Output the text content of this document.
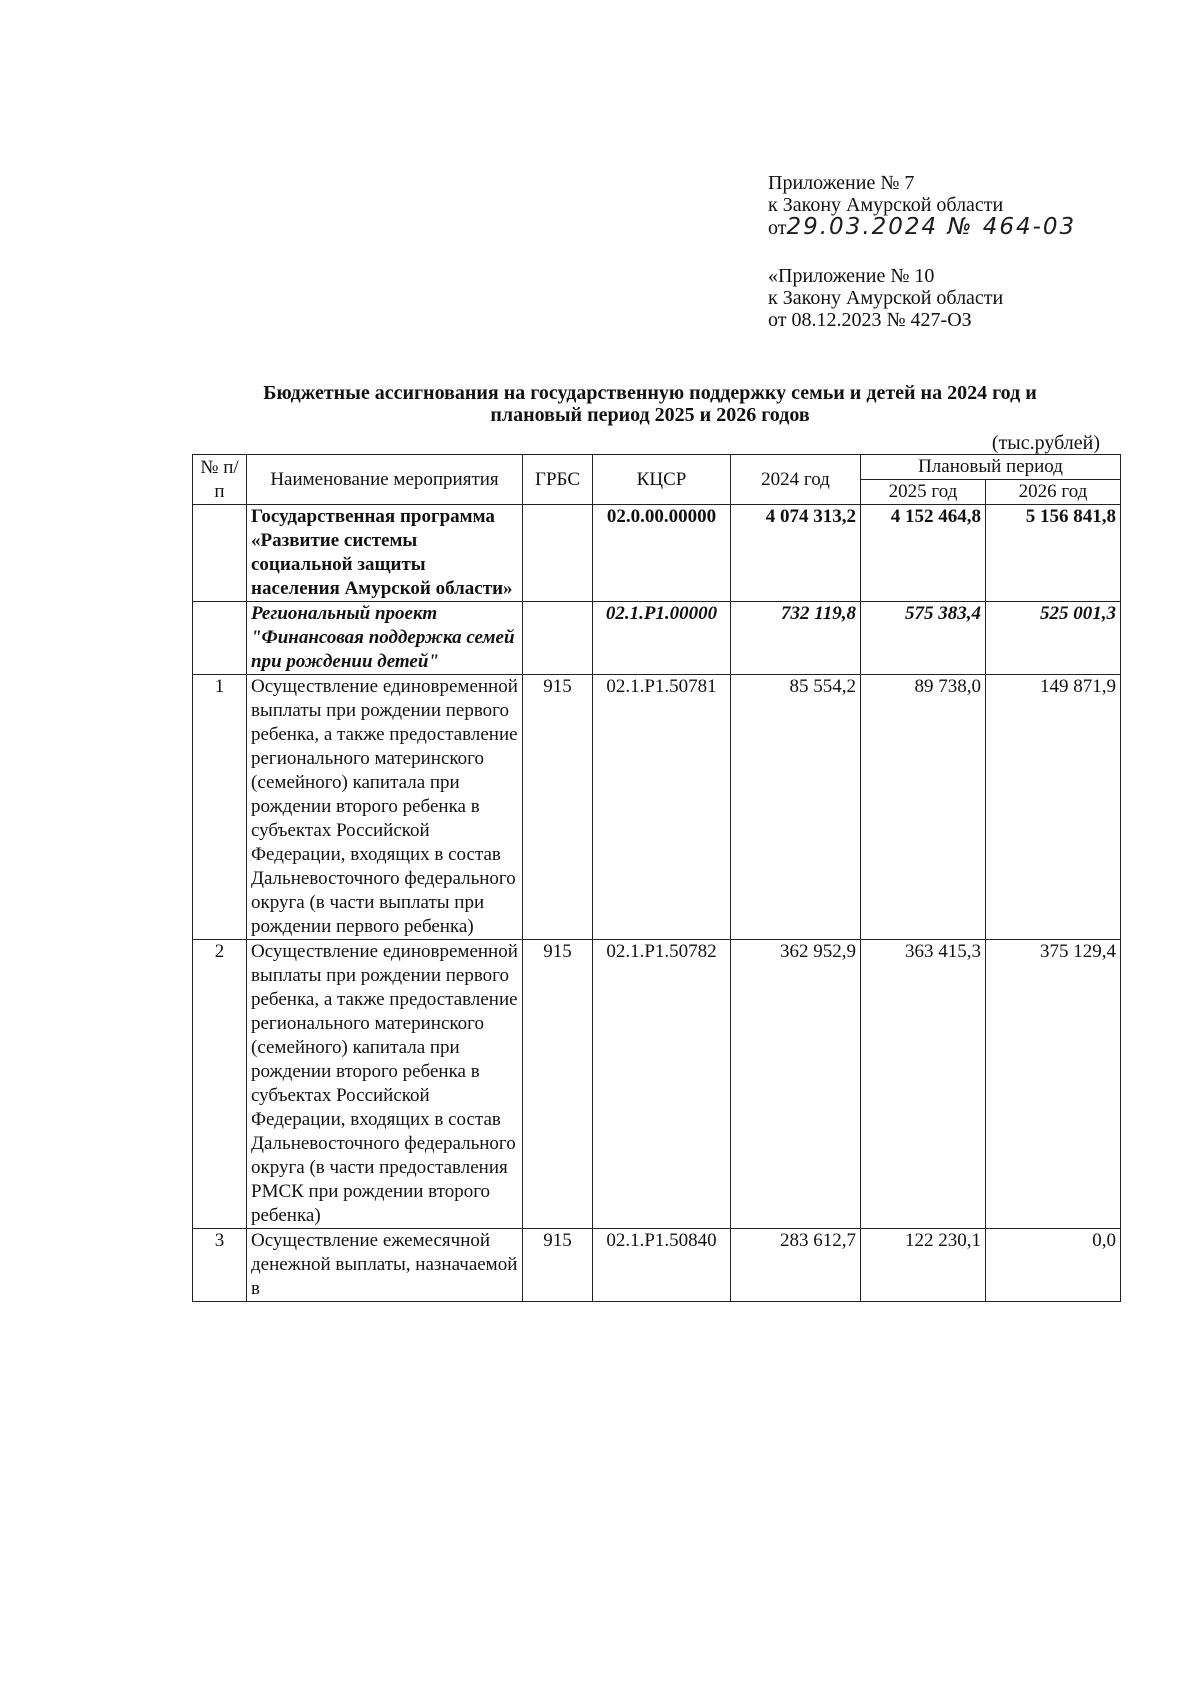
Приложение № 7
к Закону Амурской области
от29.03.2024 № 464-03
«Приложение № 10
к Закону Амурской области
от 08.12.2023 № 427-ОЗ
Бюджетные ассигнования на государственную поддержку семьи и детей на 2024 год и
плановый период 2025 и 2026 годов
(тыс.рублей)
№ п/п	Наименование мероприятия	ГРБС	КЦСР	2024 год	Плановый период	
					2025 год	2026 год
	Государственная программа «Развитие системы социальной защиты населения Амурской области»		02.0.00.00000	4 074 313,2	4 152 464,8	5 156 841,8
	Региональный проект "Финансовая поддержка семей при рождении детей"		02.1.Р1.00000	732 119,8	575 383,4	525 001,3
1	Осуществление единовременной выплаты при рождении первого ребенка, а также предоставление регионального материнского (семейного) капитала при рождении второго ребенка в субъектах Российской Федерации, входящих в состав Дальневосточного федерального округа (в части выплаты при рождении первого ребенка)	915	02.1.Р1.50781	85 554,2	89 738,0	149 871,9
2	Осуществление единовременной выплаты при рождении первого ребенка, а также предоставление регионального материнского (семейного) капитала при рождении второго ребенка в субъектах Российской Федерации, входящих в состав Дальневосточного федерального округа (в части предоставления РМСК при рождении второго ребенка)	915	02.1.Р1.50782	362 952,9	363 415,3	375 129,4
3	Осуществление ежемесячной денежной выплаты, назначаемой в	915	02.1.Р1.50840	283 612,7	122 230,1	0,0
